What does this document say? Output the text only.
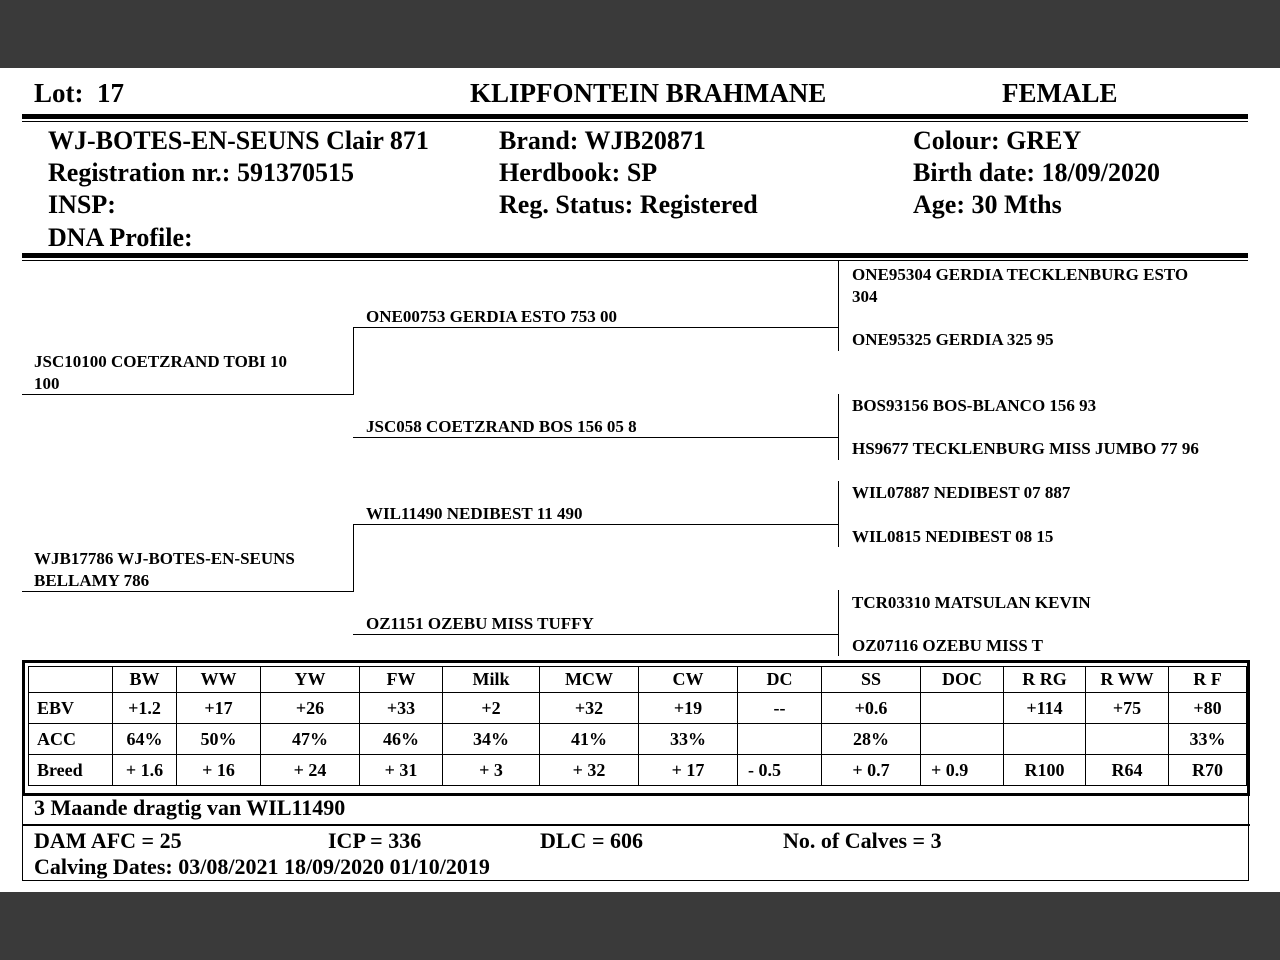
Lot: 17	KLIPFONTEIN BRAHMANE	FEMALE
WJ-BOTES-EN-SEUNS Clair 871
Registration nr.: 591370515
INSP:
DNA Profile:
Brand: WJB20871
Herdbook: SP
Reg. Status: Registered
Colour: GREY
Birth date: 18/09/2020
Age: 30 Mths
JSC10100 COETZRAND TOBI 10
100
WJB17786 WJ-BOTES-EN-SEUNS
BELLAMY 786
ONE00753 GERDIA ESTO 753 00
JSC058 COETZRAND BOS 156 05 8
WIL11490 NEDIBEST 11 490
OZ1151 OZEBU MISS TUFFY
ONE95304 GERDIA TECKLENBURG ESTO
304
ONE95325 GERDIA 325 95
BOS93156 BOS-BLANCO 156 93
HS9677 TECKLENBURG MISS JUMBO 77 96
WIL07887 NEDIBEST 07 887
WIL0815 NEDIBEST 08 15
TCR03310 MATSULAN KEVIN
OZ07116 OZEBU MISS T
	BW	WW	YW	FW	Milk	MCW	CW	DC	SS	DOC	R RG	R WW	R F
EBV	+1.2	+17	+26	+33	+2	+32	+19	--	+0.6		+114	+75	+80
ACC	64%	50%	47%	46%	34%	41%	33%		28%				33%
Breed	+ 1.6	+ 16	+ 24	+ 31	+ 3	+ 32	+ 17	- 0.5	+ 0.7	+ 0.9	R100	R64	R70
3 Maande dragtig van WIL11490
DAM AFC = 25	ICP = 336	DLC = 606	No. of Calves = 3
Calving Dates: 03/08/2021 18/09/2020 01/10/2019
